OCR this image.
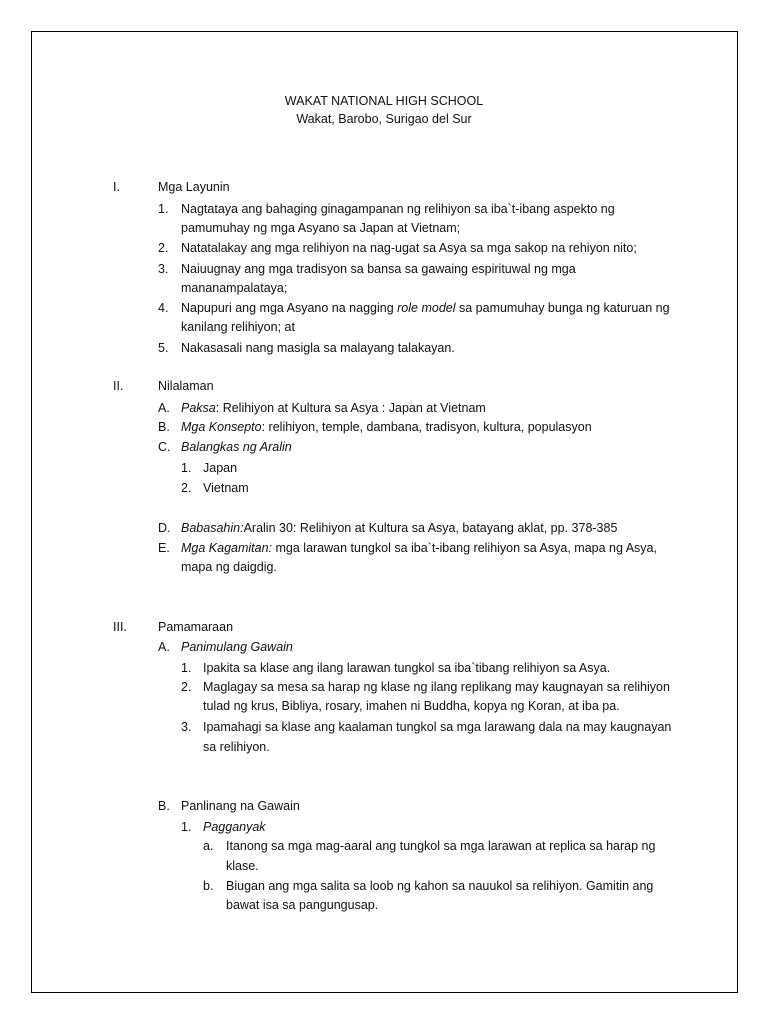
WAKAT NATIONAL HIGH SCHOOL
Wakat, Barobo, Surigao del Sur
I.	Mga Layunin
1. Nagtataya ang bahaging ginagampanan ng relihiyon sa iba`t-ibang aspekto ng
pamumuhay ng mga Asyano sa Japan at Vietnam;
2. Natatalakay ang mga relihiyon na nag-ugat sa Asya sa mga sakop na rehiyon nito;
3. Naiuugnay ang mga tradisyon sa bansa sa gawaing espirituwal ng mga
mananampalataya;
4. Napupuri ang mga Asyano na nagging role model sa pamumuhay bunga ng katuruan ng
kanilang relihiyon; at
5. Nakasasali nang masigla sa malayang talakayan.
II.	Nilalaman
A. Paksa: Relihiyon at Kultura sa Asya : Japan at Vietnam
B. Mga Konsepto: relihiyon, temple, dambana, tradisyon, kultura, populasyon
C. Balangkas ng Aralin
1. Japan
2. Vietnam
D. Babasahin:Aralin 30: Relihiyon at Kultura sa Asya, batayang aklat, pp. 378-385
E. Mga Kagamitan: mga larawan tungkol sa iba`t-ibang relihiyon sa Asya, mapa ng Asya,
mapa ng daigdig.
III. Pamamaraan
A. Panimulang Gawain
1. Ipakita sa klase ang ilang larawan tungkol sa iba`tibang relihiyon sa Asya.
2. Maglagay sa mesa sa harap ng klase ng ilang replikang may kaugnayan sa relihiyon
tulad ng krus, Bibliya, rosary, imahen ni Buddha, kopya ng Koran, at iba pa.
3. Ipamahagi sa klase ang kaalaman tungkol sa mga larawang dala na may kaugnayan
sa relihiyon.
B. Panlinang na Gawain
1. Pagganyak
a. Itanong sa mga mag-aaral ang tungkol sa mga larawan at replica sa harap ng
klase.
b. Biugan ang mga salita sa loob ng kahon sa nauukol sa relihiyon. Gamitin ang
bawat isa sa pangungusap.
